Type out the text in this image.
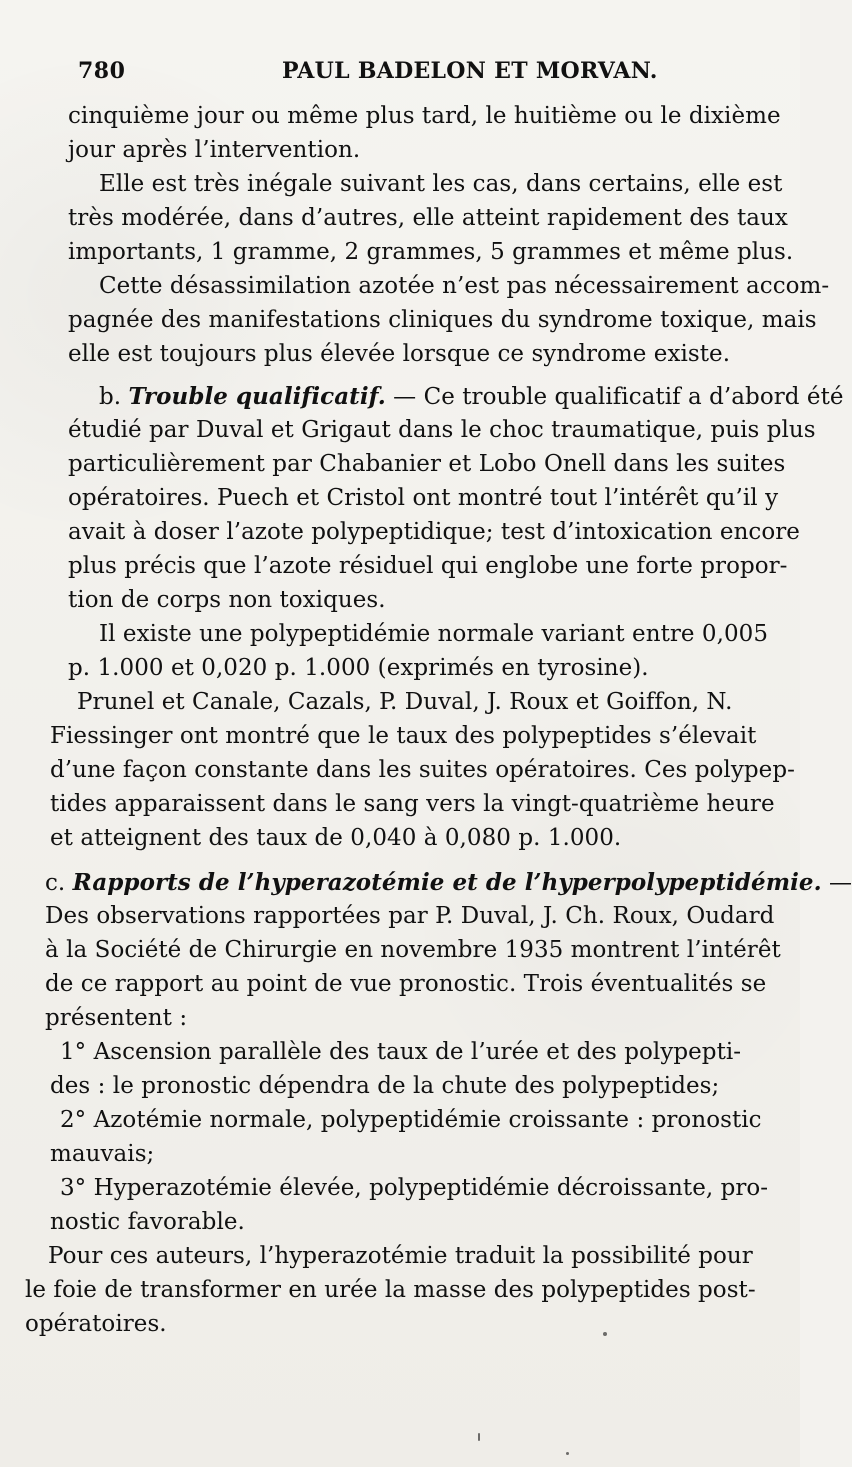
780	PAUL BADELON ET MORVAN.
cinquième jour ou même plus tard, le huitième ou le dixième
jour après l’intervention.
Elle est très inégale suivant les cas, dans certains, elle est
très modérée, dans d’autres, elle atteint rapidement des taux
importants, 1 gramme, 2 grammes, 5 grammes et même plus.
Cette désassimilation azotée n’est pas nécessairement accom-
pagnée des manifestations cliniques du syndrome toxique, mais
elle est toujours plus élevée lorsque ce syndrome existe.
b. Trouble qualificatif. — Ce trouble qualificatif a d’abord été
étudié par Duval et Grigaut dans le choc traumatique, puis plus
particulièrement par Chabanier et Lobo Onell dans les suites
opératoires. Puech et Cristol ont montré tout l’intérêt qu’il y
avait à doser l’azote polypeptidique; test d’intoxication encore
plus précis que l’azote résiduel qui englobe une forte propor-
tion de corps non toxiques.
Il existe une polypeptidémie normale variant entre 0,005
p. 1.000 et 0,020 p. 1.000 (exprimés en tyrosine).
Prunel et Canale, Cazals, P. Duval, J. Roux et Goiffon, N.
Fiessinger ont montré que le taux des polypeptides s’élevait
d’une façon constante dans les suites opératoires. Ces polypep-
tides apparaissent dans le sang vers la vingt-quatrième heure
et atteignent des taux de 0,040 à 0,080 p. 1.000.
c. Rapports de l’hyperazotémie et de l’hyperpolypeptidémie. —
Des observations rapportées par P. Duval, J. Ch. Roux, Oudard
à la Société de Chirurgie en novembre 1935 montrent l’intérêt
de ce rapport au point de vue pronostic. Trois éventualités se
présentent :
1° Ascension parallèle des taux de l’urée et des polypepti-
des : le pronostic dépendra de la chute des polypeptides;
2° Azotémie normale, polypeptidémie croissante : pronostic
mauvais;
3° Hyperazotémie élevée, polypeptidémie décroissante, pro-
nostic favorable.
Pour ces auteurs, l’hyperazotémie traduit la possibilité pour
le foie de transformer en urée la masse des polypeptides post-
opératoires.
